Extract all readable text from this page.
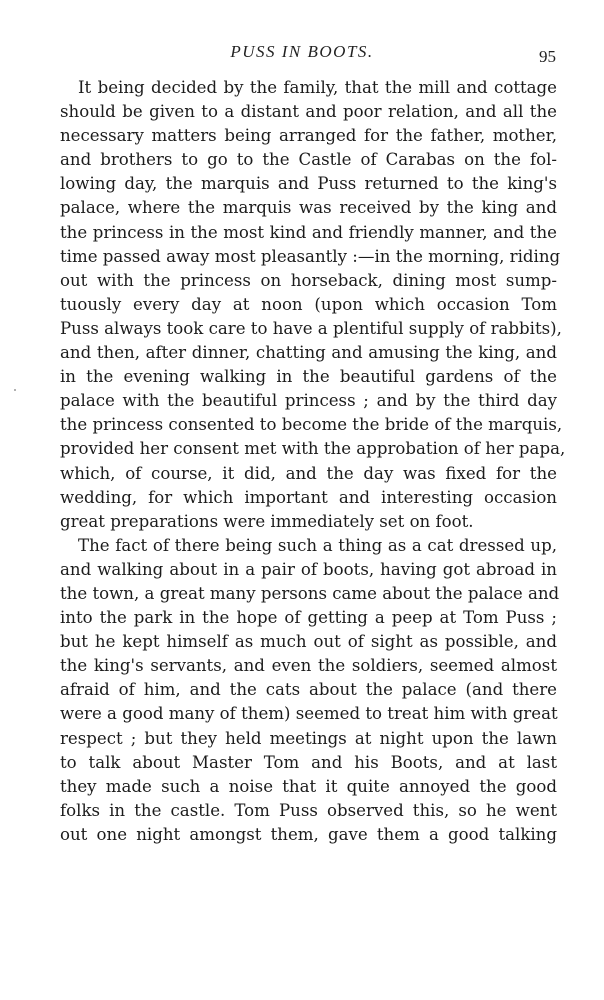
PUSS IN BOOTS.	95
It being decided by the family, that the mill and cottage
should be given to a distant and poor relation, and all the
necessary matters being arranged for the father, mother,
and brothers to go to the Castle of Carabas on the fol-
lowing day, the marquis and Puss returned to the king's
palace, where the marquis was received by the king and
the princess in the most kind and friendly manner, and the
time passed away most pleasantly :—in the morning, riding
out with the princess on horseback, dining most sump-
tuously every day at noon (upon which occasion Tom
Puss always took care to have a plentiful supply of rabbits),
and then, after dinner, chatting and amusing the king, and
in the evening walking in the beautiful gardens of the
palace with the beautiful princess ; and by the third day
the princess consented to become the bride of the marquis,
provided her consent met with the approbation of her papa,
which, of course, it did, and the day was fixed for the
wedding, for which important and interesting occasion
great preparations were immediately set on foot.
The fact of there being such a thing as a cat dressed up,
and walking about in a pair of boots, having got abroad in
the town, a great many persons came about the palace and
into the park in the hope of getting a peep at Tom Puss ;
but he kept himself as much out of sight as possible, and
the king's servants, and even the soldiers, seemed almost
afraid of him, and the cats about the palace (and there
were a good many of them) seemed to treat him with great
respect ; but they held meetings at night upon the lawn
to talk about Master Tom and his Boots, and at last
they made such a noise that it quite annoyed the good
folks in the castle. Tom Puss observed this, so he went
out one night amongst them, gave them a good talking
